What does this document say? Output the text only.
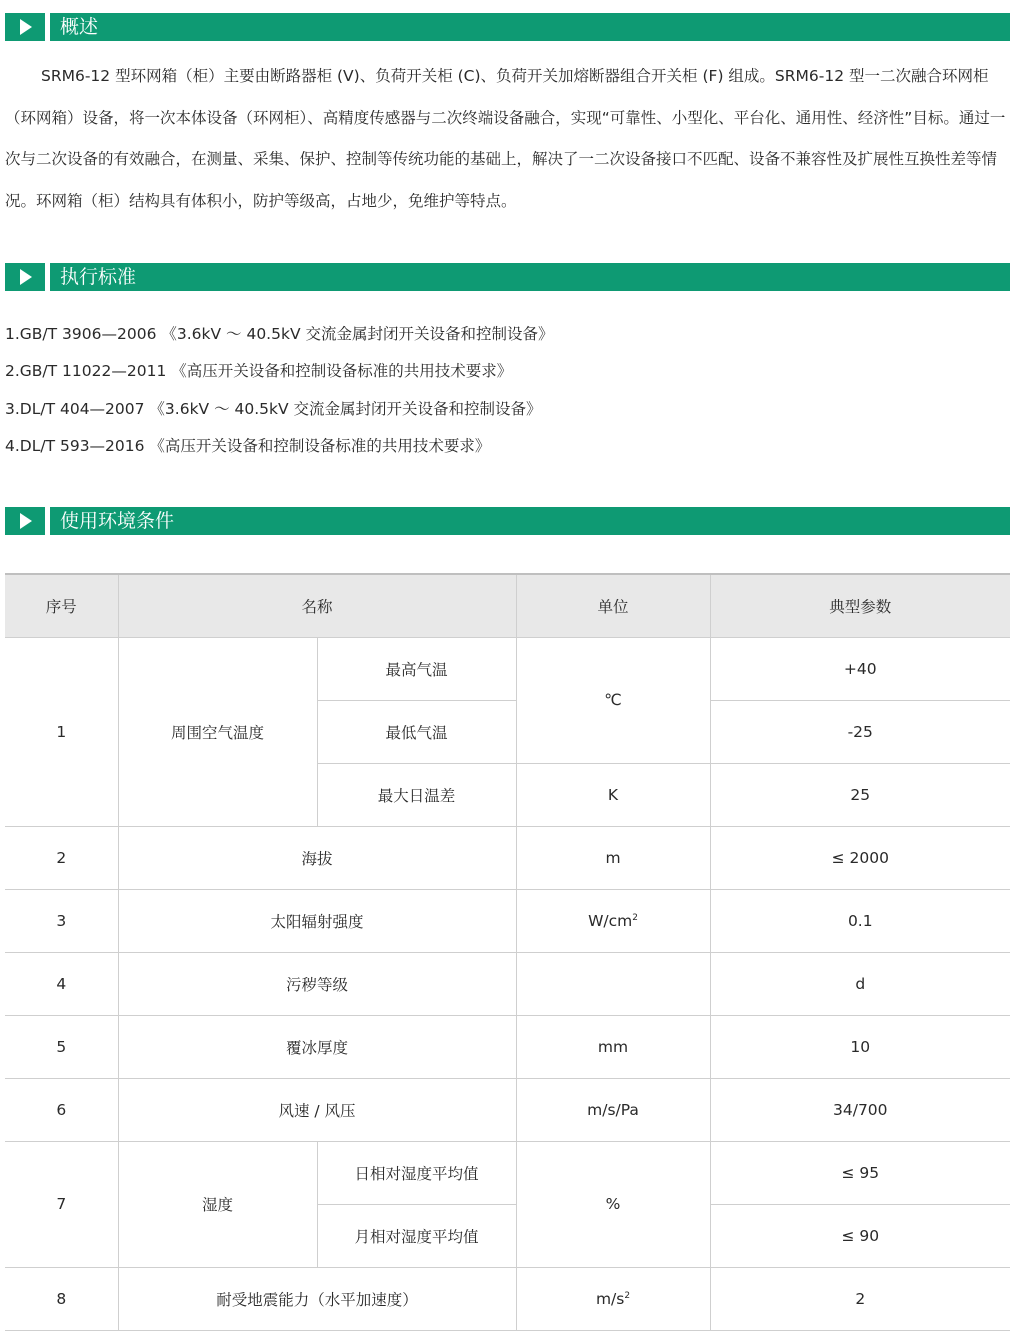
概述

SRM6-12 型环网箱（柜）主要由断路器柜 (V)、负荷开关柜 (C)、负荷开关加熔断器组合开关柜 (F) 组成。SRM6-12 型一二次融合环网柜（环网箱）设备，将一次本体设备（环网柜）、高精度传感器与二次终端设备融合，实现“可靠性、小型化、平台化、通用性、经济性”目标。通过一次与二次设备的有效融合，在测量、采集、保护、控制等传统功能的基础上，解决了一二次设备接口不匹配、设备不兼容性及扩展性互换性差等情况。环网箱（柜）结构具有体积小，防护等级高，占地少，免维护等特点。

执行标准
1.GB/T 3906—2006 《3.6kV ～ 40.5kV 交流金属封闭开关设备和控制设备》
2.GB/T 11022—2011 《高压开关设备和控制设备标准的共用技术要求》
3.DL/T 404—2007 《3.6kV ～ 40.5kV 交流金属封闭开关设备和控制设备》
4.DL/T 593—2016 《高压开关设备和控制设备标准的共用技术要求》
使用环境条件
序号	名称		单位	典型参数
1	周围空气温度	最高气温	℃	+40
		最低气温		-25
		最大日温差	K	25
2	海拔		m	≤ 2000
3	太阳辐射强度		$W/cm^2$	0.1
4	污秽等级			d
5	覆冰厚度		mm	10
6	风速 / 风压		m/s/Pa	34/700
7	湿度	日相对湿度平均值	%	≤ 95
		月相对湿度平均值		≤ 90
8	耐受地震能力（水平加速度）		$m/s^2$	2
